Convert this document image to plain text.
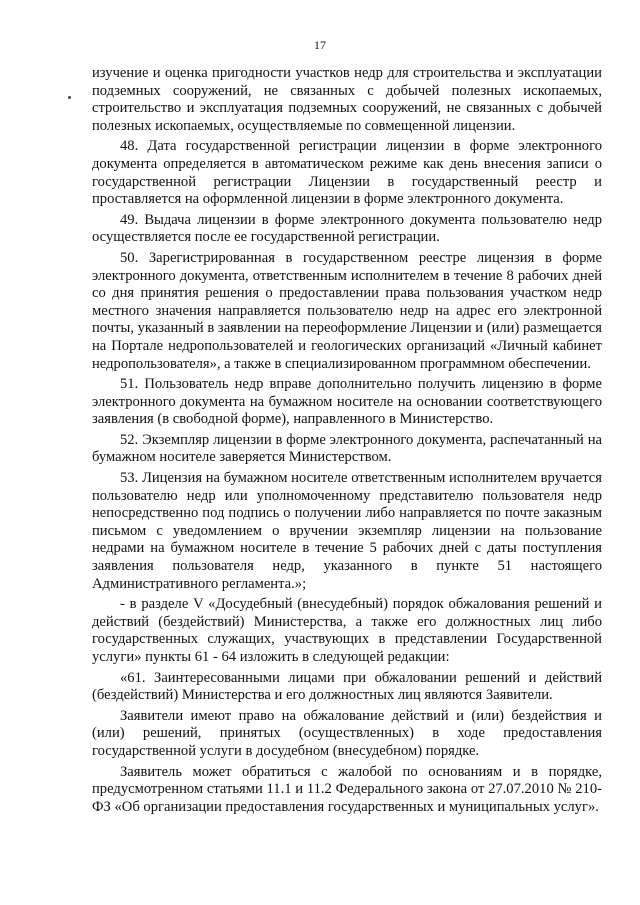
17

изучение и оценка пригодности участков недр для строительства и эксплуатации подземных сооружений, не связанных с добычей полезных ископаемых, строительство и эксплуатация подземных сооружений, не связанных с добычей полезных ископаемых, осуществляемые по совмещенной лицензии.

48. Дата государственной регистрации лицензии в форме электронного документа определяется в автоматическом режиме как день внесения записи о государственной регистрации Лицензии в государственный реестр и проставляется на оформленной лицензии в форме электронного документа.

49. Выдача лицензии в форме электронного документа пользователю недр осуществляется после ее государственной регистрации.

50. Зарегистрированная в государственном реестре лицензия в форме электронного документа, ответственным исполнителем в течение 8 рабочих дней со дня принятия решения о предоставлении права пользования участком недр местного значения направляется пользователю недр на адрес его электронной почты, указанный в заявлении на переоформление Лицензии и (или) размещается на Портале недропользователей и геологических организаций «Личный кабинет недропользователя», а также в специализированном программном обеспечении.

51. Пользователь недр вправе дополнительно получить лицензию в форме электронного документа на бумажном носителе на основании соответствующего заявления (в свободной форме), направленного в Министерство.

52. Экземпляр лицензии в форме электронного документа, распечатанный на бумажном носителе заверяется Министерством.

53. Лицензия на бумажном носителе ответственным исполнителем вручается пользователю недр или уполномоченному представителю пользователя недр непосредственно под подпись о получении либо направляется по почте заказным письмом с уведомлением о вручении экземпляр лицензии на пользование недрами на бумажном носителе в течение 5 рабочих дней с даты поступления заявления пользователя недр, указанного в пункте 51 настоящего Административного регламента.»;

- в разделе V «Досудебный (внесудебный) порядок обжалования решений и действий (бездействий) Министерства, а также его должностных лиц либо государственных служащих, участвующих в представлении Государственной услуги» пункты 61 - 64 изложить в следующей редакции:

«61. Заинтересованными лицами при обжаловании решений и действий (бездействий) Министерства и его должностных лиц являются Заявители.

Заявители имеют право на обжалование действий и (или) бездействия и (или) решений, принятых (осуществленных) в ходе предоставления государственной услуги в досудебном (внесудебном) порядке.

Заявитель может обратиться с жалобой по основаниям и в порядке, предусмотренном статьями 11.1 и 11.2 Федерального закона от 27.07.2010 № 210-ФЗ «Об организации предоставления государственных и муниципальных услуг».
